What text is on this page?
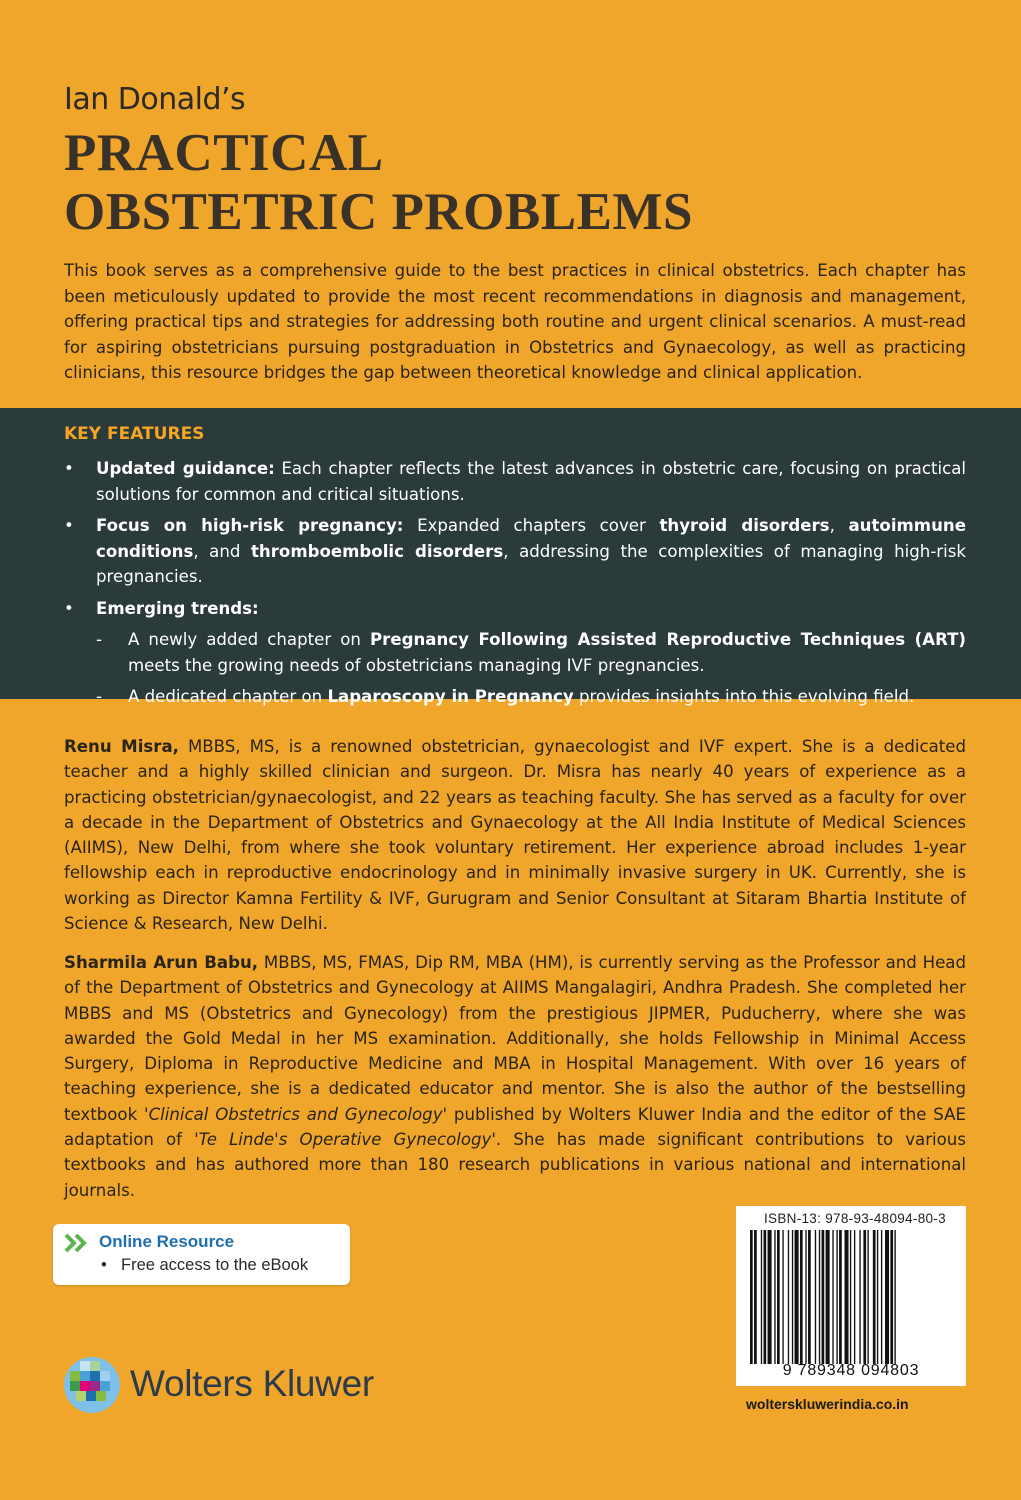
Ian Donald’s
PRACTICAL
OBSTETRIC PROBLEMS

This book serves as a comprehensive guide to the best practices in clinical obstetrics. Each chapter has been meticulously updated to provide the most recent recommendations in diagnosis and management, offering practical tips and strategies for addressing both routine and urgent clinical scenarios. A must-read for aspiring obstetricians pursuing postgraduation in Obstetrics and Gynaecology, as well as practicing clinicians, this resource bridges the gap between theoretical knowledge and clinical application.

KEY FEATURES
• Updated guidance: Each chapter reflects the latest advances in obstetric care, focusing on practical solutions for common and critical situations.
• Focus on high-risk pregnancy: Expanded chapters cover thyroid disorders, autoimmune conditions, and thromboembolic disorders, addressing the complexities of managing high-risk pregnancies.
• Emerging trends:
- A newly added chapter on Pregnancy Following Assisted Reproductive Techniques (ART) meets the growing needs of obstetricians managing IVF pregnancies.
- A dedicated chapter on Laparoscopy in Pregnancy provides insights into this evolving field.

Renu Misra, MBBS, MS, is a renowned obstetrician, gynaecologist and IVF expert. She is a dedicated teacher and a highly skilled clinician and surgeon. Dr. Misra has nearly 40 years of experience as a practicing obstetrician/gynaecologist, and 22 years as teaching faculty. She has served as a faculty for over a decade in the Department of Obstetrics and Gynaecology at the All India Institute of Medical Sciences (AIIMS), New Delhi, from where she took voluntary retirement. Her experience abroad includes 1-year fellowship each in reproductive endocrinology and in minimally invasive surgery in UK. Currently, she is working as Director Kamna Fertility & IVF, Gurugram and Senior Consultant at Sitaram Bhartia Institute of Science & Research, New Delhi.

Sharmila Arun Babu, MBBS, MS, FMAS, Dip RM, MBA (HM), is currently serving as the Professor and Head of the Department of Obstetrics and Gynecology at AIIMS Mangalagiri, Andhra Pradesh. She completed her MBBS and MS (Obstetrics and Gynecology) from the prestigious JIPMER, Puducherry, where she was awarded the Gold Medal in her MS examination. Additionally, she holds Fellowship in Minimal Access Surgery, Diploma in Reproductive Medicine and MBA in Hospital Management. With over 16 years of teaching experience, she is a dedicated educator and mentor. She is also the author of the bestselling textbook 'Clinical Obstetrics and Gynecology' published by Wolters Kluwer India and the editor of the SAE adaptation of 'Te Linde's Operative Gynecology'. She has made significant contributions to various textbooks and has authored more than 180 research publications in various national and international journals.

Online Resource
• Free access to the eBook
Wolters Kluwer
ISBN-13: 978-93-48094-80-3
9 789348 094803
wolterskluwerindia.co.in
